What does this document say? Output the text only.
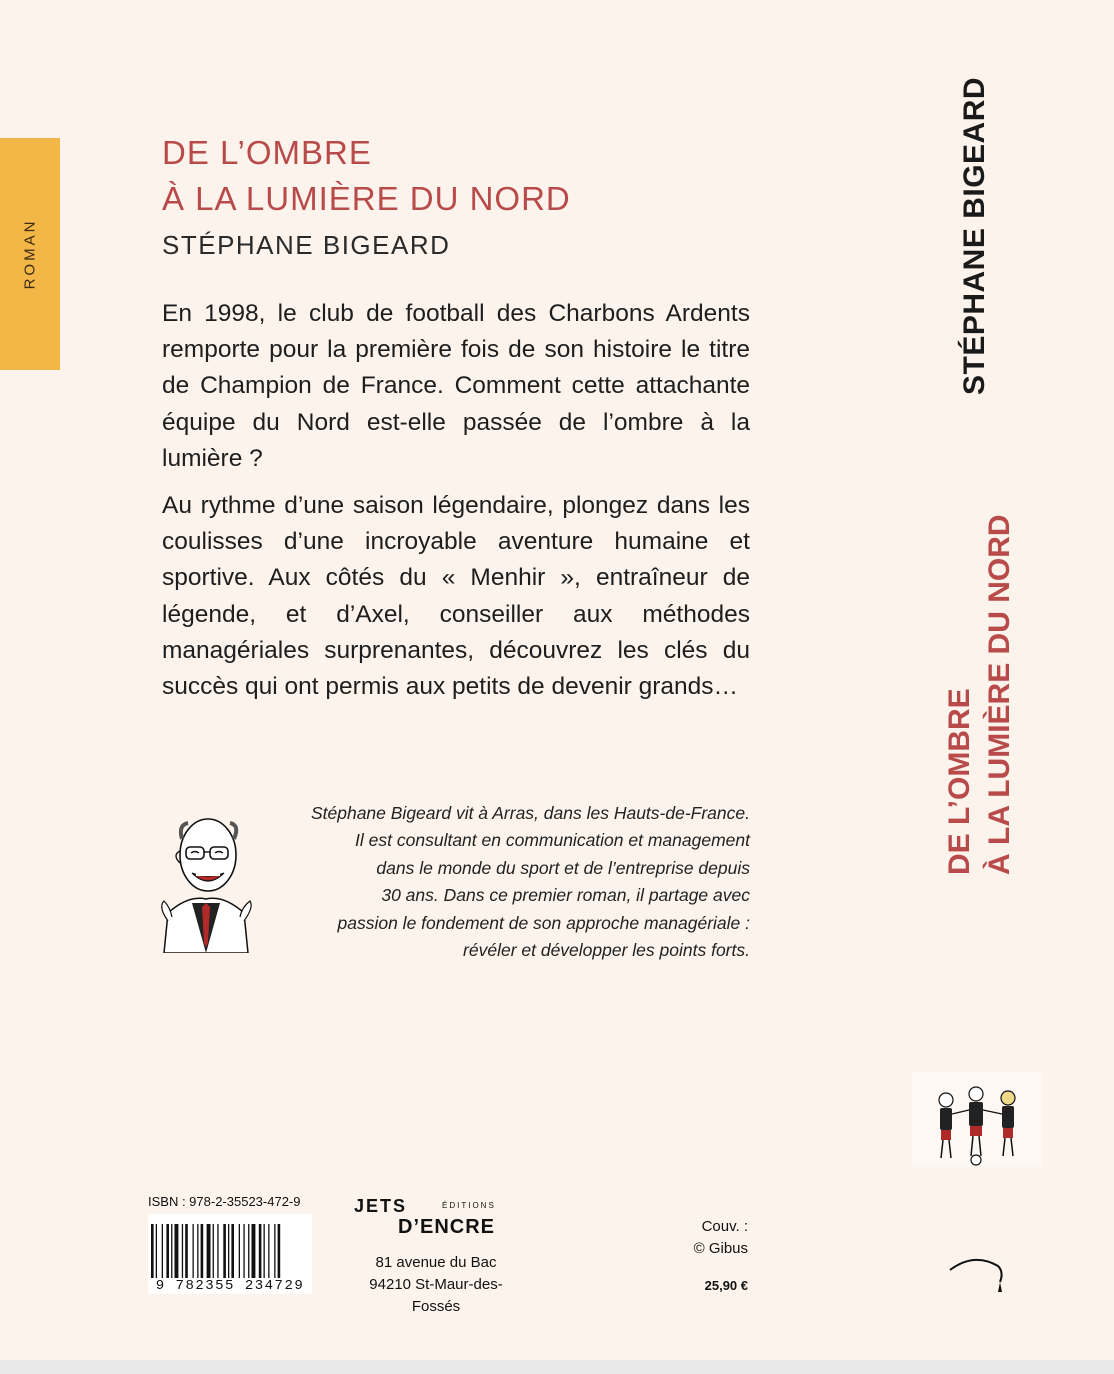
ROMAN
DE L’OMBRE
À LA LUMIÈRE DU NORD
STÉPHANE BIGEARD

En 1998, le club de football des Charbons Ardents remporte pour la première fois de son histoire le titre de Champion de France. Comment cette attachante équipe du Nord est-elle passée de l’ombre à la lumière ?

Au rythme d’une saison légendaire, plongez dans les coulisses d’une incroyable aventure humaine et sportive. Aux côtés du « Menhir », entraîneur de légende, et d’Axel, conseiller aux méthodes managériales surprenantes, découvrez les clés du succès qui ont permis aux petits de devenir grands…

Stéphane Bigeard vit à Arras, dans les Hauts-de-France.
Il est consultant en communication et management
dans le monde du sport et de l’entreprise depuis
30 ans. Dans ce premier roman, il partage avec
passion le fondement de son approche managériale :
révéler et développer les points forts.
STÉPHANE BIGEARD
DE L’OMBRE À LA LUMIÈRE DU NORD
ISBN : 978-2-35523-472-9
9 782355 234729
JETS	ÉDITIONS
D’ENCRE
81 avenue du Bac
94210 St-Maur-des-Fossés
Couv. :
© Gibus
25,90 €
